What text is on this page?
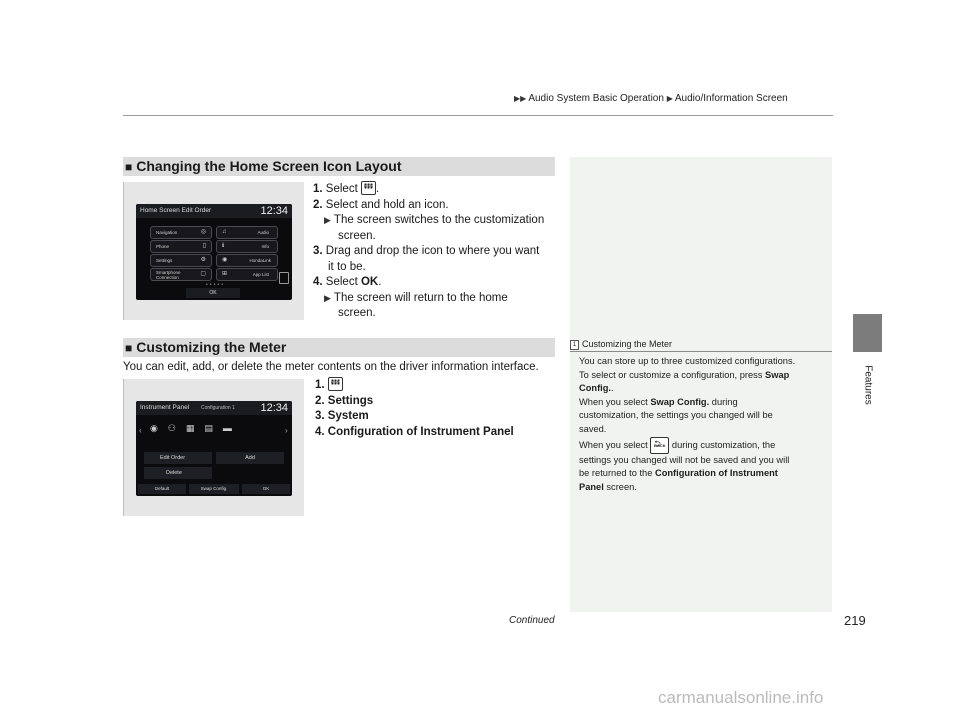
▶▶ Audio System Basic Operation ▶ Audio/Information Screen
Features
■ Changing the Home Screen Icon Layout
Home Screen Edit Order	12:34
Navigation	◎	♫	Audio
Phone	▯	ℹ	Info
Settings	⚙	◉	HondaLink
Smartphone Connection
▢	⊞	App List
●●●●●
OK
1. Select HOME .
2. Select and hold an icon.
▶ The screen switches to the customization
screen.
3. Drag and drop the icon to where you want
it to be.
4. Select OK.
▶ The screen will return to the home
screen.
■ Customizing the Meter
You can edit, add, or delete the meter contents on the driver information interface.
Instrument Panel Configuration 1 12:34
‹	›
◉⚇▦▤▬
Edit Order	Add
Delete
Default	Swap Config.	OK
1. HOME
2. Settings
3. System
4. Configuration of Instrument Panel
1 Customizing the Meter
You can store up to three customized configurations.
To select or customize a configuration, press Swap
Config..
When you select Swap Config. during
customization, the settings you changed will be
saved.
When you select ⮌ BACK during customization, the
settings you changed will not be saved and you will
be returned to the Configuration of Instrument
Panel screen.
Continued	219
carmanualsonline.info
